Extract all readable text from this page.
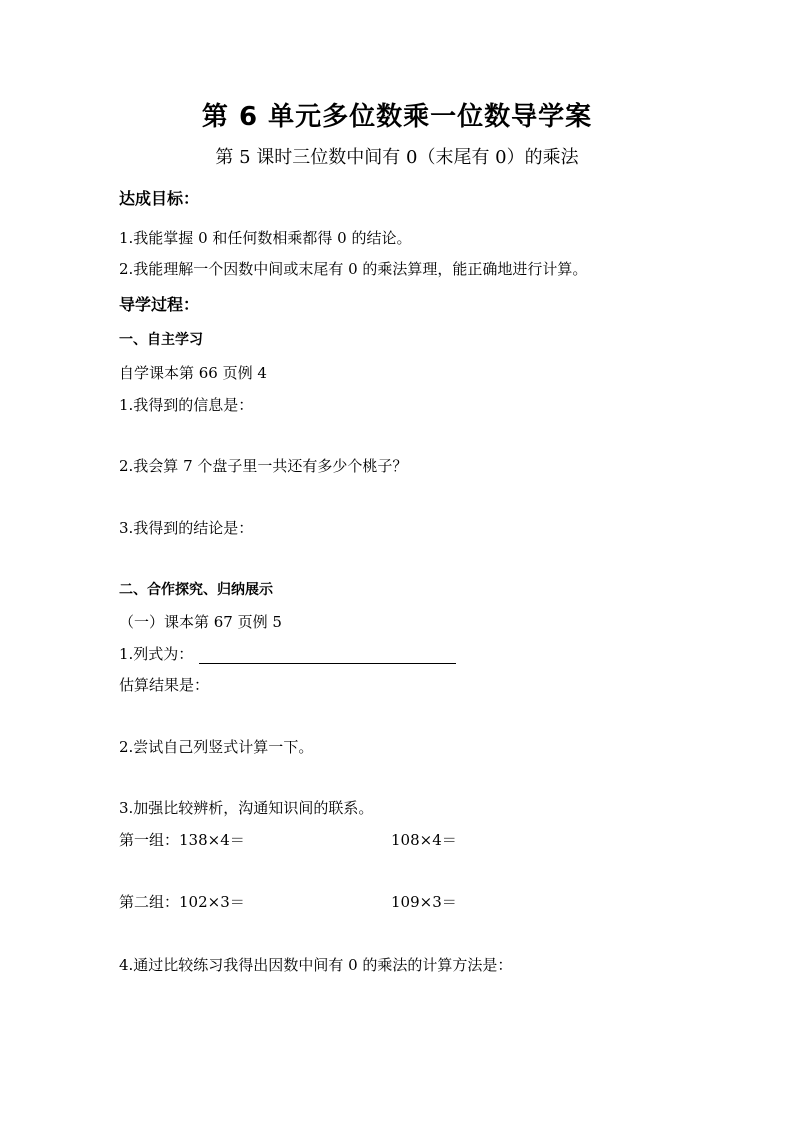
第 6 单元多位数乘一位数导学案
第 5 课时三位数中间有 0（末尾有 0）的乘法
达成目标：
1.我能掌握 0 和任何数相乘都得 0 的结论。
2.我能理解一个因数中间或末尾有 0 的乘法算理，能正确地进行计算。
导学过程：
一、自主学习
自学课本第 66 页例 4
1.我得到的信息是：
2.我会算 7 个盘子里一共还有多少个桃子？
3.我得到的结论是：
二、合作探究、归纳展示
（一）课本第 67 页例 5
1.列式为：
估算结果是：
2.尝试自己列竖式计算一下。
3.加强比较辨析，沟通知识间的联系。
第一组：138×4＝	108×4＝
第二组：102×3＝	109×3＝
4.通过比较练习我得出因数中间有 0 的乘法的计算方法是：
